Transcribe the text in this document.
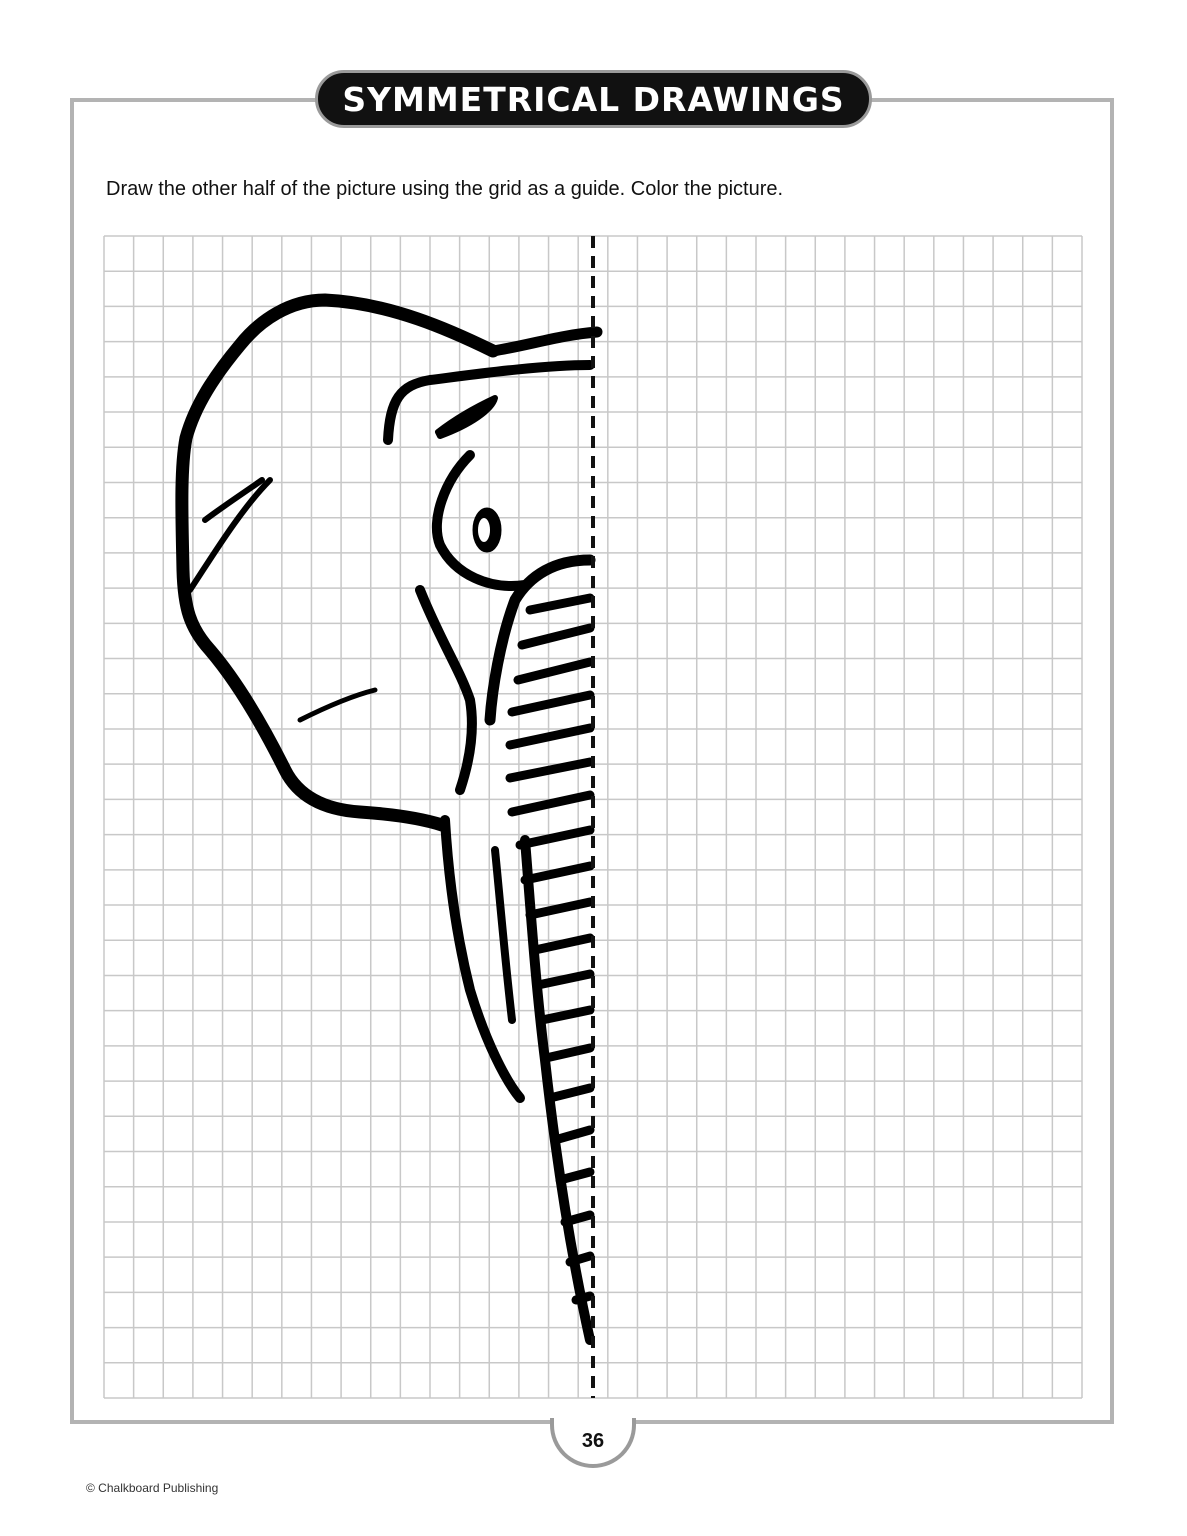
SYMMETRICAL DRAWINGS
Draw the other half of the picture using the grid as a guide. Color the picture.
36
© Chalkboard Publishing
